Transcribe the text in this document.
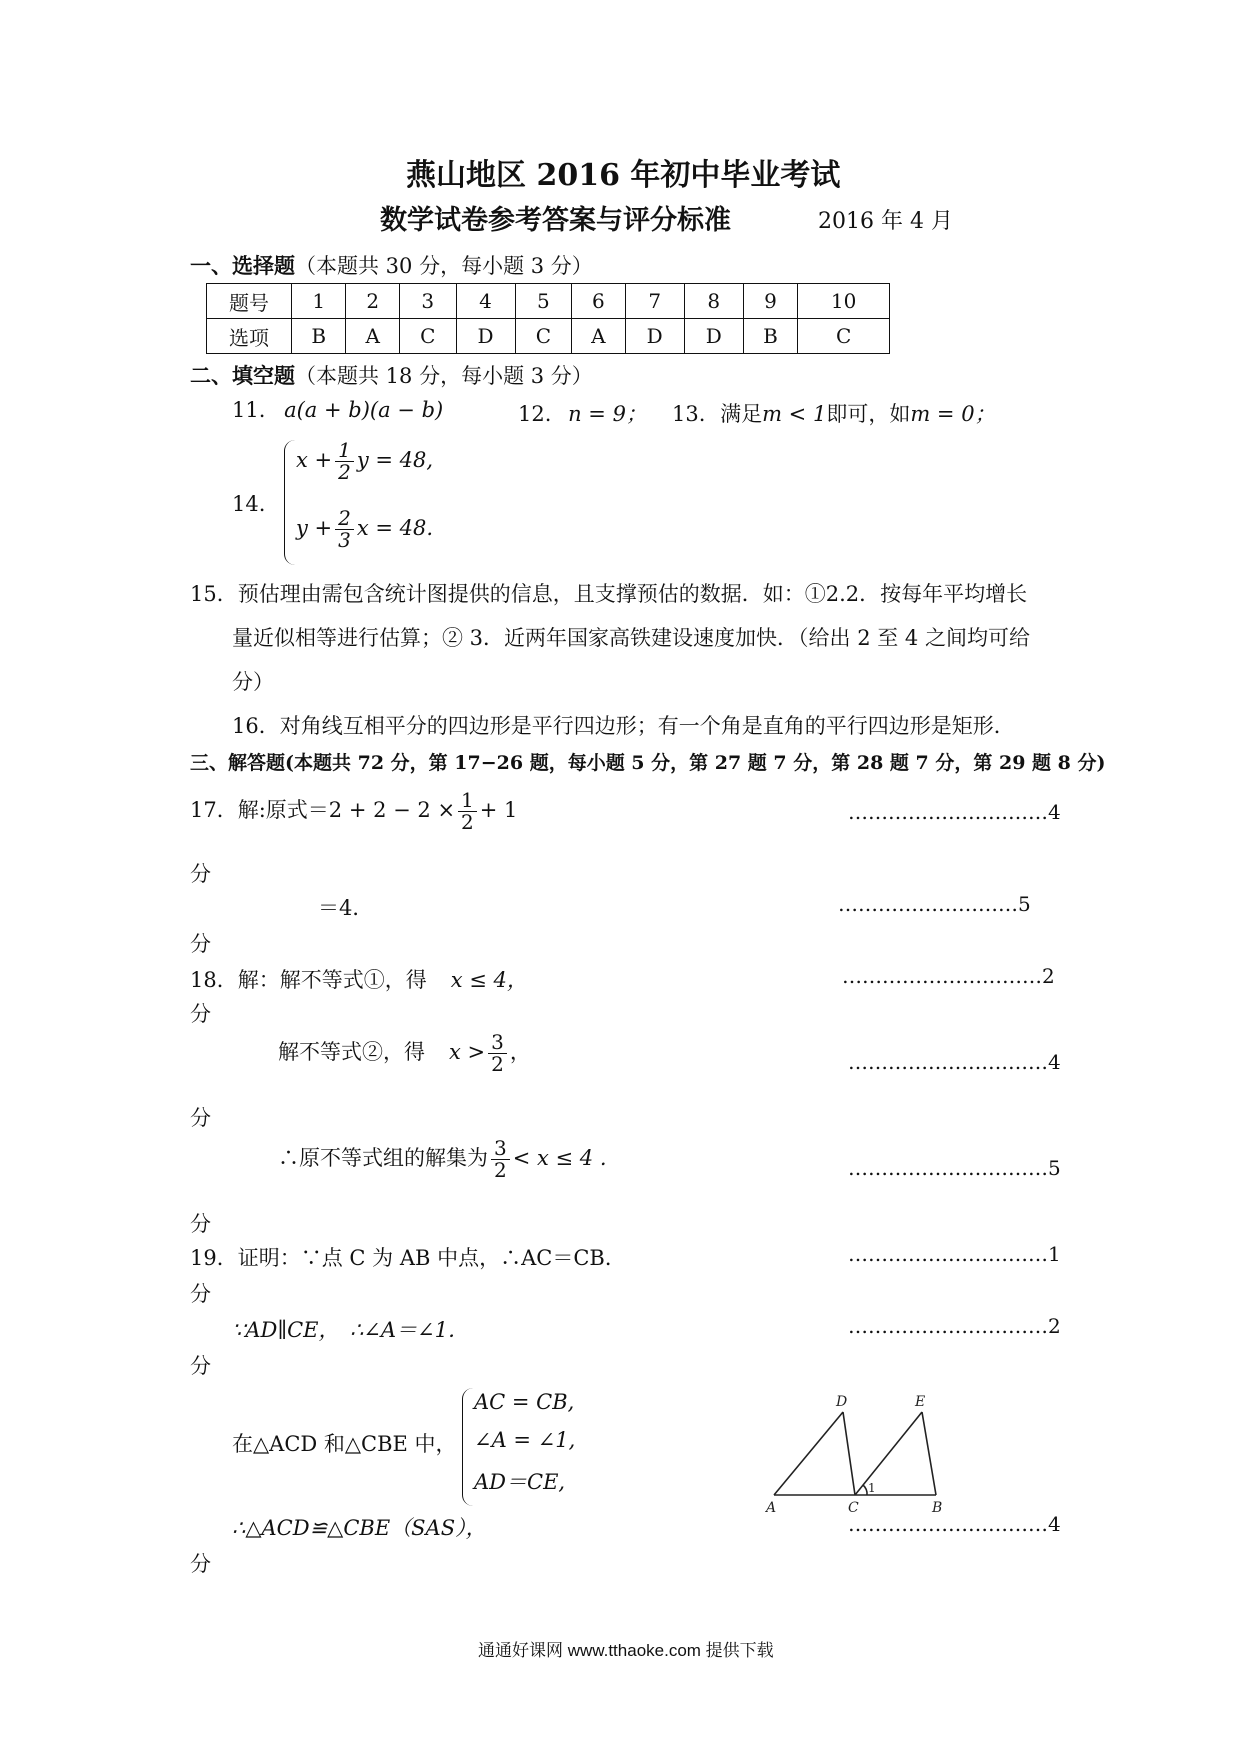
燕山地区 2016 年初中毕业考试
数学试卷参考答案与评分标准	2016 年 4 月
一、选择题（本题共 30 分，每小题 3 分）
题号	1	2	3	4	5	6	7	8	9	10
选项	B	A	C	D	C	A	D	D	B	C
二、填空题（本题共 18 分，每小题 3 分）
11. a(a + b)(a − b)	12. n = 9； 13. 满足m < 1即可，如m = 0；
14.
$x + \frac{1}{2}$ y = 48,
$y + \frac{2}{3}$ x = 48.
15．预估理由需包含统计图提供的信息，且支撑预估的数据．如：①2.2．按每年平均增长
量近似相等进行估算；② 3．近两年国家高铁建设速度加快．（给出 2 至 4 之间均可给
分）
16．对角线互相平分的四边形是平行四边形；有一个角是直角的平行四边形是矩形．
三、解答题(本题共 72 分，第 17−26 题，每小题 5 分，第 27 题 7 分，第 28 题 7 分，第 29 题 8 分)
17．解:原式$=2 + 2 - 2 \times \frac{1}{2} + 1$	…………………………4
分
＝4．	………………………5
分
18．解：解不等式①，得 x ≤ 4，	…………………………2
分
解不等式②，得 $x > \frac{3}{2}$ ，	…………………………4
分
∴原不等式组的解集为 $\frac{3}{2} < x \le 4$ .	…………………………5
分
19．证明：∵点 C 为 AB 中点，∴AC＝CB．	…………………………1
分
∵AD∥CE，　∴∠A＝∠1．	…………………………2
分
在△ACD 和△CBE 中，
AC = CB,
∠A = ∠1,
AD＝CE,
A	C	B
D	E
1
∴△ACD≌△CBE（SAS），	…………………………4
分
通通好课网 www.tthaoke.com 提供下载
